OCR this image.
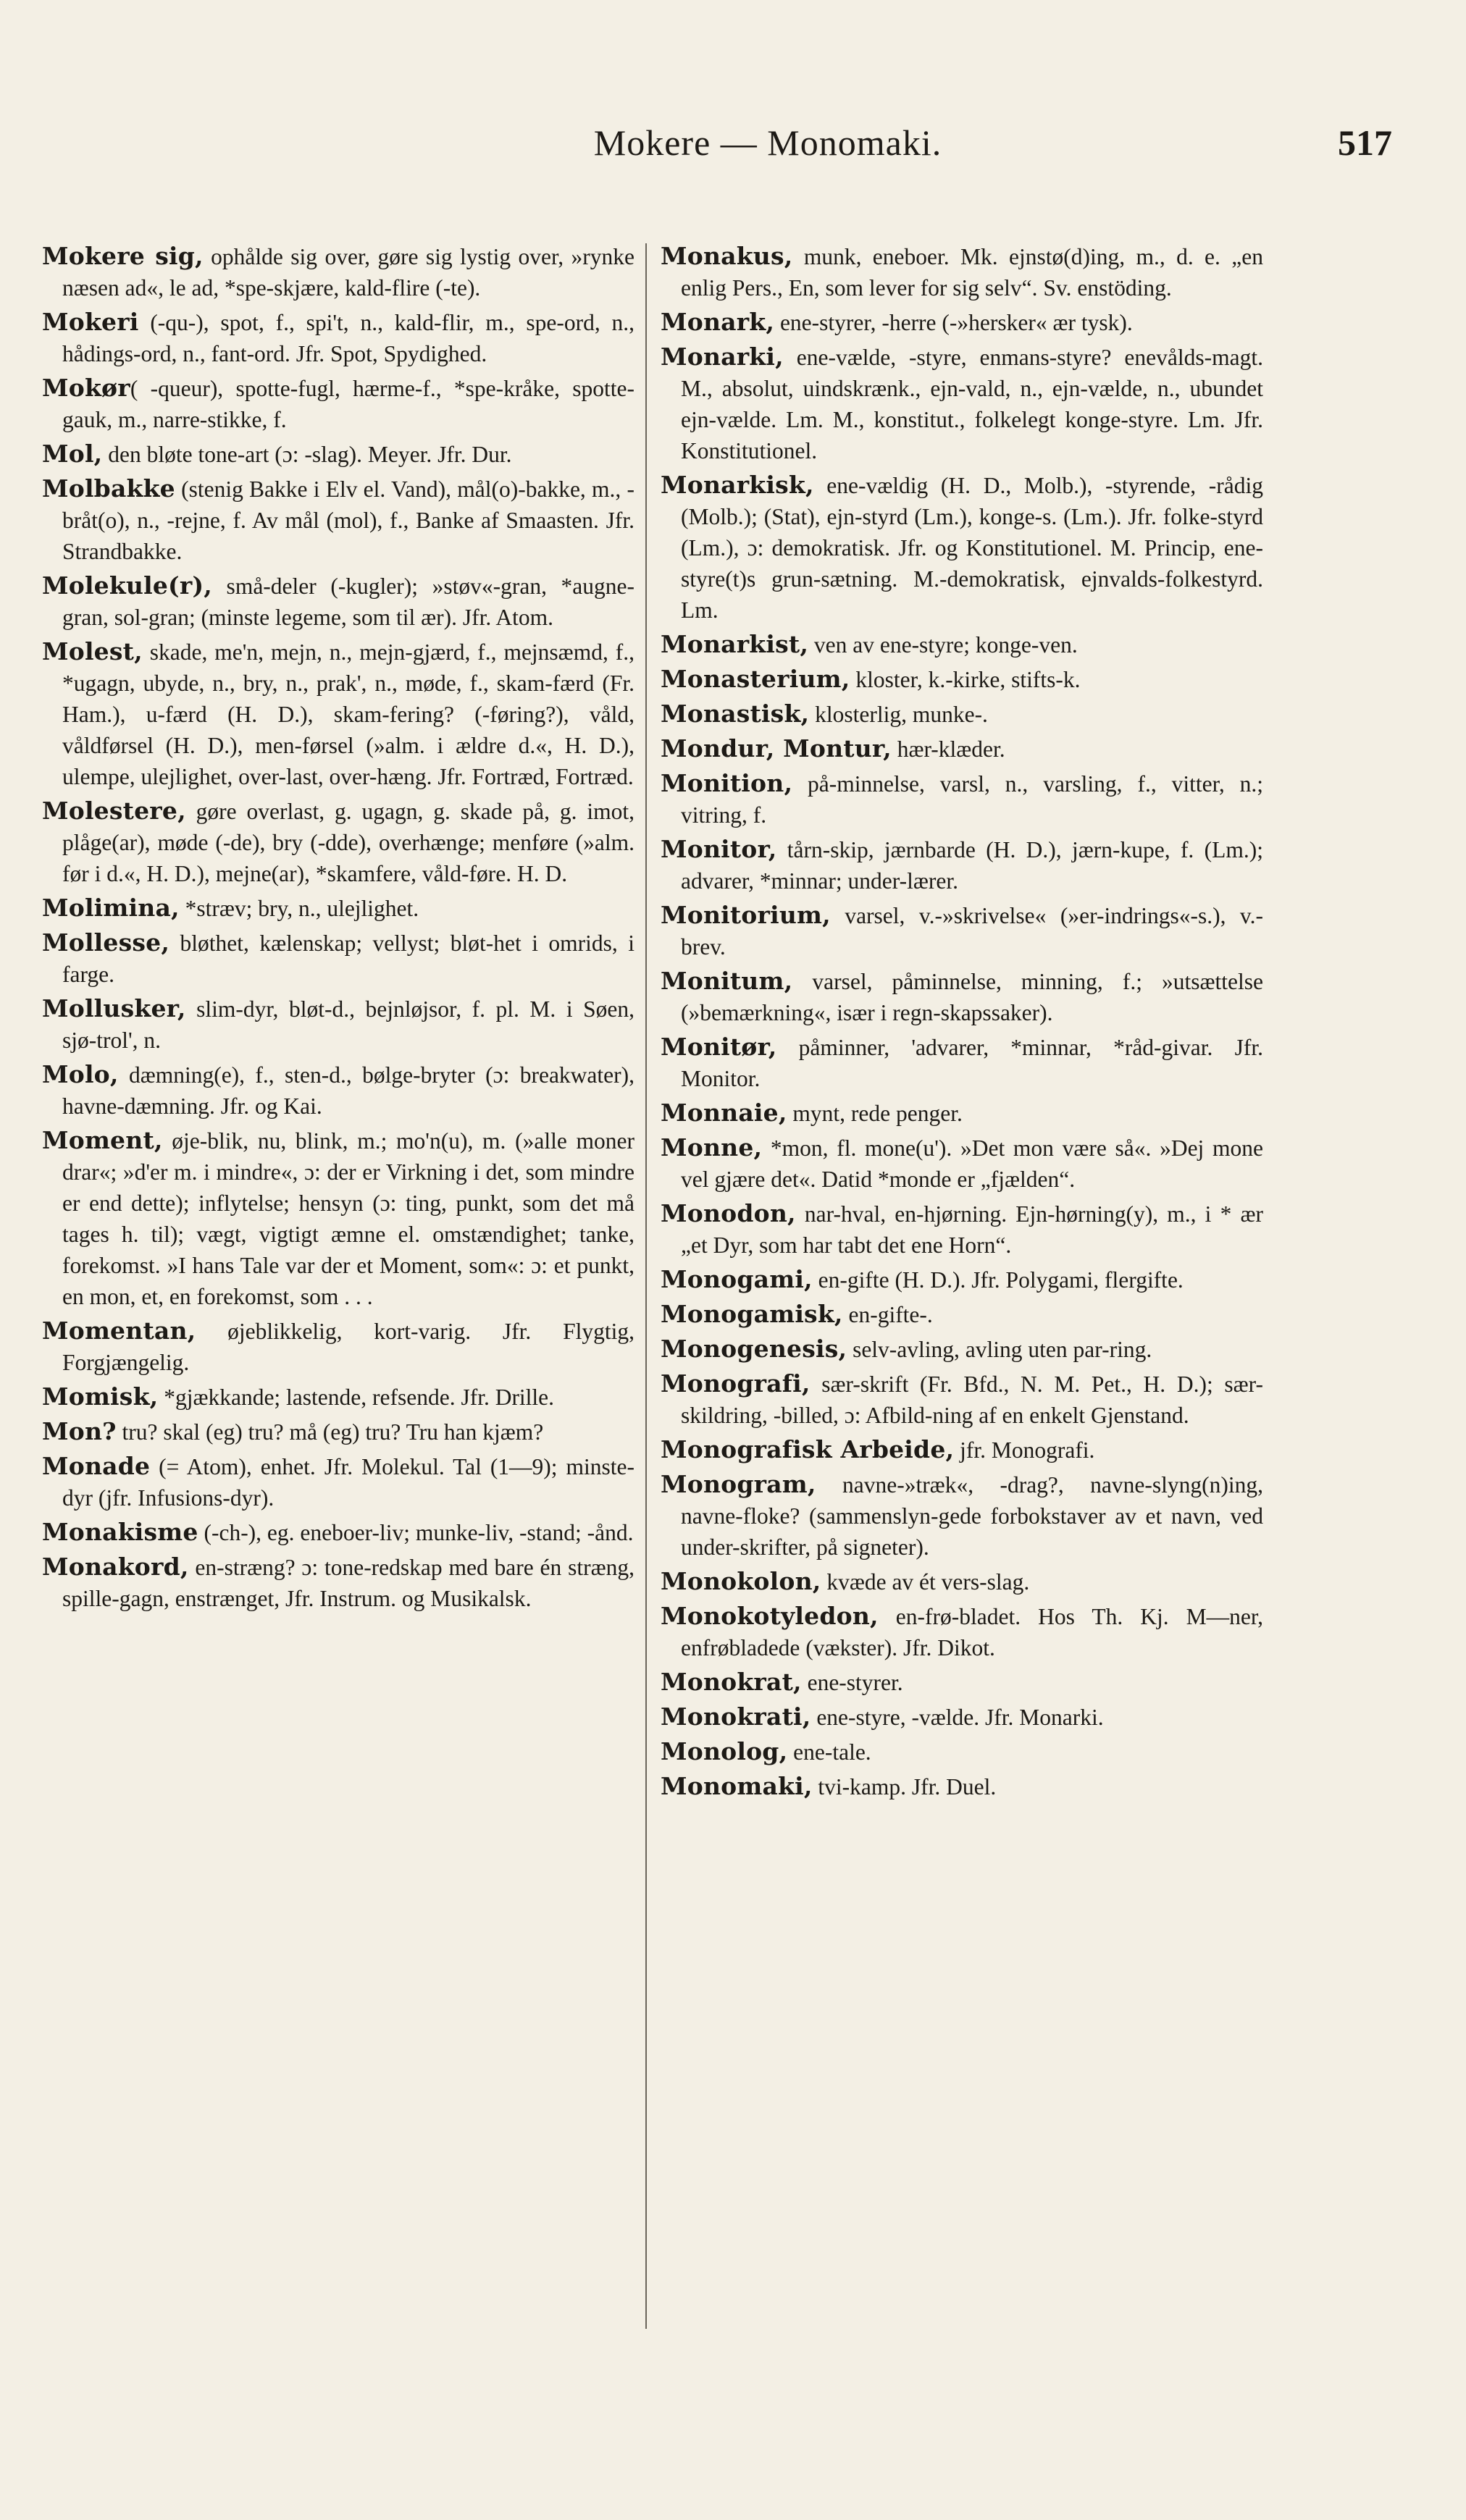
Mokere — Monomaki.	517

Mokere sig, ophålde sig over, gøre sig lystig over, »rynke næsen ad«, le ad, *spe-skjære, kald-flire (-te).

Mokeri (-qu-), spot, f., spi't, n., kald-flir, m., spe-ord, n., hådings-ord, n., fant-ord. Jfr. Spot, Spydighed.

Mokør( -queur), spotte-fugl, hærme-f., *spe-kråke, spotte-gauk, m., narre-stikke, f.

Mol, den bløte tone-art (ɔ: -slag). Meyer. Jfr. Dur.

Molbakke (stenig Bakke i Elv el. Vand), mål(o)-bakke, m., -bråt(o), n., -rejne, f. Av mål (mol), f., Banke af Smaasten. Jfr. Strandbakke.

Molekule(r), små-deler (-kugler); »støv«-gran, *augne-gran, sol-gran; (minste legeme, som til ær). Jfr. Atom.

Molest, skade, me'n, mejn, n., mejn-gjærd, f., mejnsæmd, f., *ugagn, ubyde, n., bry, n., prak', n., møde, f., skam-færd (Fr. Ham.), u-færd (H. D.), skam-fering? (-føring?), våld, våldførsel (H. D.), men-førsel (»alm. i ældre d.«, H. D.), ulempe, ulejlighet, over-last, over-hæng. Jfr. Fortræd, Fortræd.

Molestere, gøre overlast, g. ugagn, g. skade på, g. imot, plåge(ar), møde (-de), bry (-dde), overhænge; menføre (»alm. før i d.«, H. D.), mejne(ar), *skamfere, våld-føre. H. D.

Molimina, *stræv; bry, n., ulejlighet.

Mollesse, bløthet, kælenskap; vellyst; bløt-het i omrids, i farge.

Mollusker, slim-dyr, bløt-d., bejnløjsor, f. pl. M. i Søen, sjø-trol', n.

Molo, dæmning(e), f., sten-d., bølge-bryter (ɔ: breakwater), havne-dæmning. Jfr. og Kai.

Moment, øje-blik, nu, blink, m.; mo'n(u), m. (»alle moner drar«; »d'er m. i mindre«, ɔ: der er Virkning i det, som mindre er end dette); inflytelse; hensyn (ɔ: ting, punkt, som det må tages h. til); vægt, vigtigt æmne el. omstændighet; tanke, forekomst. »I hans Tale var der et Moment, som«: ɔ: et punkt, en mon, et, en forekomst, som . . .

Momentan, øjeblikkelig, kort-varig. Jfr. Flygtig, Forgjængelig.

Momisk, *gjækkande; lastende, refsende. Jfr. Drille.

Mon? tru? skal (eg) tru? må (eg) tru? Tru han kjæm?

Monade (= Atom), enhet. Jfr. Molekul. Tal (1—9); minste-dyr (jfr. Infusions-dyr).

Monakisme (-ch-), eg. eneboer-liv; munke-liv, -stand; -ånd.

Monakord, en-stræng? ɔ: tone-redskap med bare én stræng, spille-gagn, enstrænget, Jfr. Instrum. og Musikalsk.

Monakus, munk, eneboer. Mk. ejnstø(d)ing, m., d. e. „en enlig Pers., En, som lever for sig selv“. Sv. enstöding.

Monark, ene-styrer, -herre (-»hersker« ær tysk).

Monarki, ene-vælde, -styre, enmans-styre? enevålds-magt. M., absolut, uindskrænk., ejn-vald, n., ejn-vælde, n., ubundet ejn-vælde. Lm. M., konstitut., folkelegt konge-styre. Lm. Jfr. Konstitutionel.

Monarkisk, ene-vældig (H. D., Molb.), -styrende, -rådig (Molb.); (Stat), ejn-styrd (Lm.), konge-s. (Lm.). Jfr. folke-styrd (Lm.), ɔ: demokratisk. Jfr. og Konstitutionel. M. Princip, ene-styre(t)s grun-sætning. M.-demokratisk, ejnvalds-folkestyrd. Lm.

Monarkist, ven av ene-styre; konge-ven.

Monasterium, kloster, k.-kirke, stifts-k.

Monastisk, klosterlig, munke-.

Mondur, Montur, hær-klæder.

Monition, på-minnelse, varsl, n., varsling, f., vitter, n.; vitring, f.

Monitor, tårn-skip, jærnbarde (H. D.), jærn-kupe, f. (Lm.); advarer, *minnar; under-lærer.

Monitorium, varsel, v.-»skrivelse« (»er-indrings«-s.), v.-brev.

Monitum, varsel, påminnelse, minning, f.; »utsættelse (»bemærkning«, især i regn-skapssaker).

Monitør, påminner, 'advarer, *minnar, *råd-givar. Jfr. Monitor.

Monnaie, mynt, rede penger.

Monne, *mon, fl. mone(u'). »Det mon være så«. »Dej mone vel gjære det«. Datid *monde er „fjælden“.

Monodon, nar-hval, en-hjørning. Ejn-hørning(y), m., i * ær „et Dyr, som har tabt det ene Horn“.

Monogami, en-gifte (H. D.). Jfr. Polygami, flergifte.

Monogamisk, en-gifte-.

Monogenesis, selv-avling, avling uten par-ring.

Monografi, sær-skrift (Fr. Bfd., N. M. Pet., H. D.); sær-skildring, -billed, ɔ: Afbild-ning af en enkelt Gjenstand.

Monografisk Arbeide, jfr. Monografi.

Monogram, navne-»træk«, -drag?, navne-slyng(n)ing, navne-floke? (sammenslyn-gede forbokstaver av et navn, ved under-skrifter, på signeter).

Monokolon, kvæde av ét vers-slag.

Monokotyledon, en-frø-bladet. Hos Th. Kj. M—ner, enfrøbladede (vækster). Jfr. Dikot.

Monokrat, ene-styrer.

Monokrati, ene-styre, -vælde. Jfr. Monarki.

Monolog, ene-tale.

Monomaki, tvi-kamp. Jfr. Duel.
